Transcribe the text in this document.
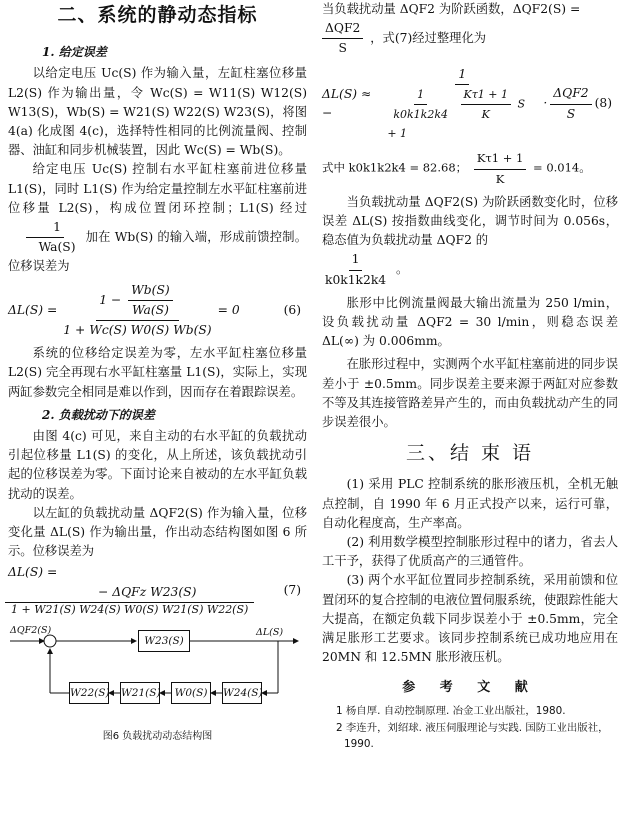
二、系统的静动态指标
1. 给定误差

以给定电压 Uc(S) 作为输入量，左缸柱塞位移量 L2(S) 作为输出量，令 Wc(S) = W11(S) W12(S) W13(S)，Wb(S) = W21(S) W22(S) W23(S)，将图 4(a) 化成图 4(c)，选择特性相同的比例流量阀、控制器、油缸和同步机械装置，因此 Wc(S) = Wb(S)。

给定电压 Uc(S) 控制右水平缸柱塞前进位移量 L1(S)，同时 L1(S) 作为给定量控制左水平缸柱塞前进位移量 L2(S)，构成位置闭环控制；L1(S) 经过
$\frac{1}{Wa(S)}$ 加在 Wb(S) 的输入端，形成前馈控制。位移误差为

$\Delta L(S) = \frac{1 - \frac{Wb(S)}{Wa(S)}}{1 + Wc(S) W0(S) Wb(S)} = 0$	(6)

系统的位移给定误差为零，左水平缸柱塞位移量 L2(S) 完全再现右水平缸柱塞量 L1(S)，实际上，实现两缸参数完全相同是难以作到，因而存在着跟踪误差。

2. 负载扰动下的误差

由图 4(c) 可见，来自主动的右水平缸的负载扰动引起位移量 L1(S) 的变化，从上所述，该负载扰动引起的位移误差为零。下面讨论来自被动的左水平缸负载扰动的误差。

以左缸的负载扰动量 ΔQF2(S) 作为输入量，位移变化量 ΔL(S) 作为输出量，作出动态结构图如图 6 所示。位移误差为

ΔL(S) =
− ΔQFz W23(S)
1 + W21(S) W24(S) W0(S) W21(S) W22(S)
(7)
ΔQF2(S)	ΔL(S)
W23(S)
W22(S) W21(S)	W0(S)	W24(S)
图6 负载扰动动态结构图

当负载扰动量 ΔQF2 为阶跃函数，ΔQF2(S) =

$\frac{\text{ΔQF2}}{S}$ ，式(7)经过整理化为

ΔL(S) ≈ −
1
$\frac{1}{k0k1k2k4}$
$\frac{K\tau 1 + 1}{K}$ S + 1
· $\frac{\text{ΔQF2}}{S} (8)$

式中 k0k1k2k4 = 82.68； $\frac{K\tau 1 + 1}{K} = 0.014$。

当负载扰动量 ΔQF2(S) 为阶跃函数变化时，位移误差 ΔL(S) 按指数曲线变化，调节时间为 0.056s，稳态值为负载扰动量 ΔQF2 的

$\frac{1}{k0k1k2k4}$ 。

胀形中比例流量阀最大输出流量为 250 l/min，设负载扰动量 ΔQF2 = 30 l/min，则稳态误差 ΔL(∞) 为 0.006mm。

在胀形过程中，实测两个水平缸柱塞前进的同步误差小于 ±0.5mm。同步误差主要来源于两缸对应参数不等及其连接管路差异产生的，而由负载扰动产生的同步误差很小。

三、结 束 语

(1) 采用 PLC 控制系统的胀形液压机，全机无触点控制，自 1990 年 6 月正式投产以来，运行可靠，自动化程度高，生产率高。

(2) 利用数学模型控制胀形过程中的诸力，省去人工干予，获得了优质高产的三通管件。

(3) 两个水平缸位置同步控制系统，采用前馈和位置闭环的复合控制的电液位置伺服系统，使跟踪性能大大提高，在额定负载下同步误差小于 ±0.5mm，完全满足胀形工艺要求。该同步控制系统已成功地应用在 20MN 和 12.5MN 胀形液压机。

参 考 文 献
1 杨自厚. 自动控制原理. 冶金工业出版社，1980.
2 李连升，刘绍球. 液压伺服理论与实践. 国防工业出版社，1990.
